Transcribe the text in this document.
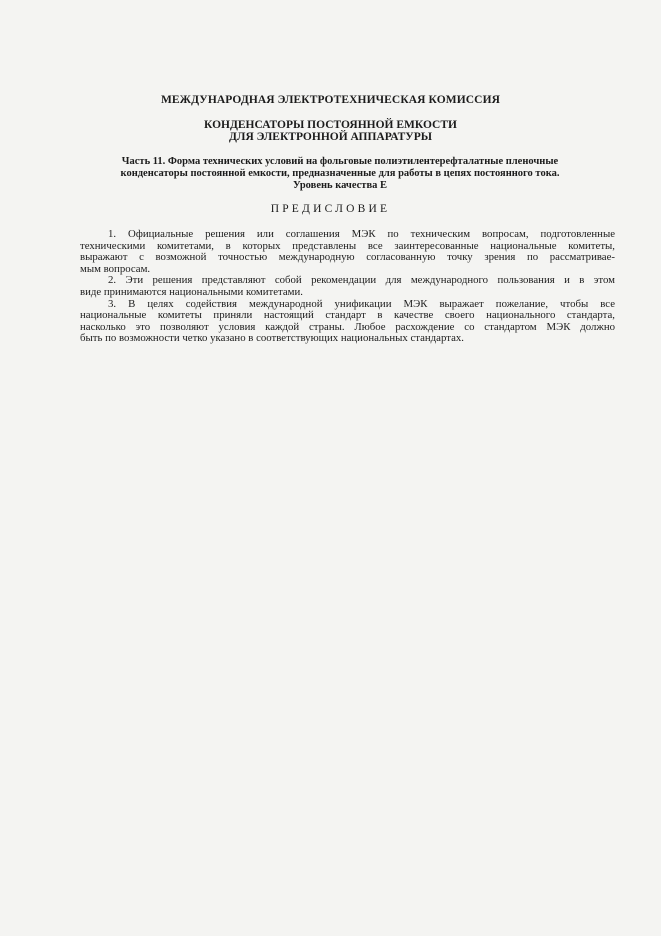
МЕЖДУНАРОДНАЯ ЭЛЕКТРОТЕХНИЧЕСКАЯ КОМИССИЯ
КОНДЕНСАТОРЫ ПОСТОЯННОЙ ЕМКОСТИ
ДЛЯ ЭЛЕКТРОННОЙ АППАРАТУРЫ
Часть 11. Форма технических условий на фольговые полиэтилентерефталатные пленочные
конденсаторы постоянной емкости, предназначенные для работы в цепях постоянного тока.
Уровень качества Е
ПРЕДИСЛОВИЕ
1. Официальные решения или соглашения МЭК по техническим вопросам, подготовленные
техническими комитетами, в которых представлены все заинтересованные национальные комитеты,
выражают с возможной точностью международную согласованную точку зрения по рассматривае-
мым вопросам.
2. Эти решения представляют собой рекомендации для международного пользования и в этом
виде принимаются национальными комитетами.
3. В целях содействия международной унификации МЭК выражает пожелание, чтобы все
национальные комитеты приняли настоящий стандарт в качестве своего национального стандарта,
насколько это позволяют условия каждой страны. Любое расхождение со стандартом МЭК должно
быть по возможности четко указано в соответствующих национальных стандартах.
